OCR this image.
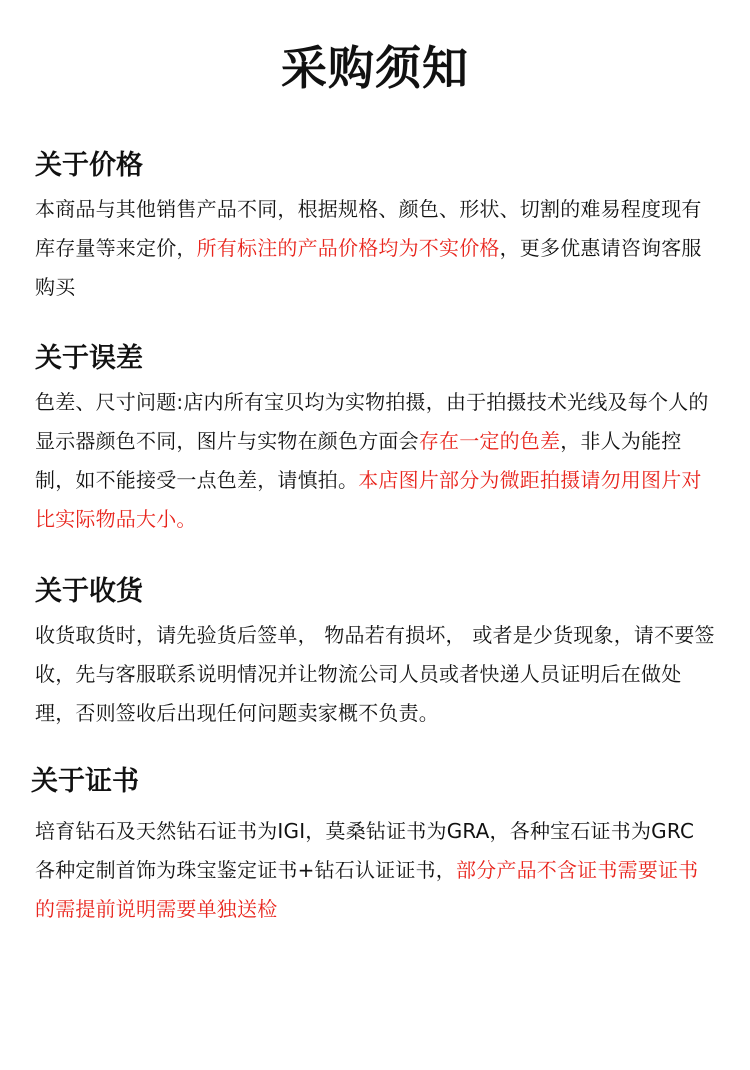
采购须知
关于价格

本商品与其他销售产品不同，根据规格、颜色、形状、切割的难易程度现有库存量等来定价，所有标注的产品价格均为不实价格，更多优惠请咨询客服购买

关于误差

色差、尺寸问题:店内所有宝贝均为实物拍摄，由于拍摄技术光线及每个人的显示器颜色不同，图片与实物在颜色方面会存在一定的色差，非人为能控制，如不能接受一点色差，请慎拍。本店图片部分为微距拍摄请勿用图片对比实际物品大小。

关于收货

收货取货时，请先验货后签单， 物品若有损坏， 或者是少货现象，请不要签收，先与客服联系说明情况并让物流公司人员或者快递人员证明后在做处理，否则签收后出现任何问题卖家概不负责。

关于证书

培育钻石及天然钻石证书为IGI，莫桑钻证书为GRA，各种宝石证书为GRC各种定制首饰为珠宝鉴定证书+钻石认证证书，部分产品不含证书需要证书的需提前说明需要单独送检
